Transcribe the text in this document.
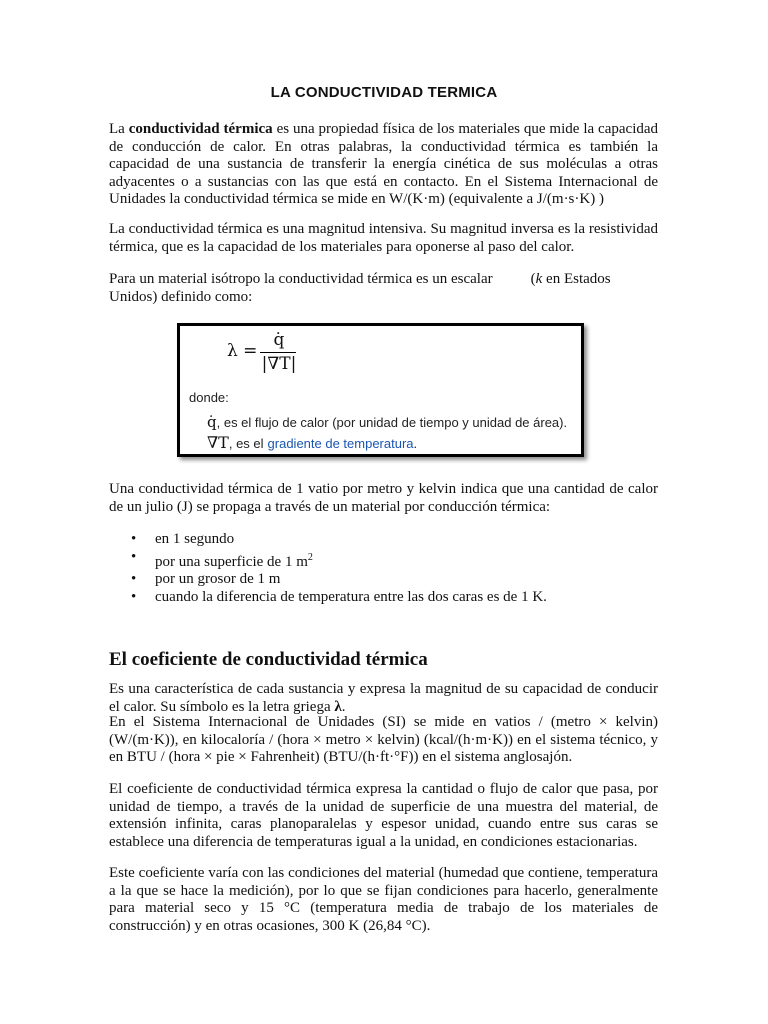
LA CONDUCTIVIDAD TERMICA

La conductividad térmica es una propiedad física de los materiales que mide la capacidad de conducción de calor. En otras palabras, la conductividad térmica es también la capacidad de una sustancia de transferir la energía cinética de sus moléculas a otras adyacentes o a sustancias con las que está en contacto. En el Sistema Internacional de Unidades la conductividad térmica se mide en W/(K·m) (equivalente a J/(m·s·K) )

La conductividad térmica es una magnitud intensiva. Su magnitud inversa es la resistividad térmica, que es la capacidad de los materiales para oponerse al paso del calor.

Para un material isótropo la conductividad térmica es un escalar	(k en Estados Unidos) definido como:

λ =
q̇
|∇T|
donde:
q̇, es el flujo de calor (por unidad de tiempo y unidad de área).
∇T, es el gradiente de temperatura.

Una conductividad térmica de 1 vatio por metro y kelvin indica que una cantidad de calor de un julio (J) se propaga a través de un material por conducción térmica:

• en 1 segundo
• por una superficie de 1 $m^2$
• por un grosor de 1 m
• cuando la diferencia de temperatura entre las dos caras es de 1 K.
El coeficiente de conductividad térmica

Es una característica de cada sustancia y expresa la magnitud de su capacidad de conducir el calor. Su símbolo es la letra griega λ.

En el Sistema Internacional de Unidades (SI) se mide en vatios / (metro × kelvin) (W/(m·K)), en kilocaloría / (hora × metro × kelvin) (kcal/(h·m·K)) en el sistema técnico, y en BTU / (hora × pie × Fahrenheit) (BTU/(h·ft·°F)) en el sistema anglosajón.

El coeficiente de conductividad térmica expresa la cantidad o flujo de calor que pasa, por unidad de tiempo, a través de la unidad de superficie de una muestra del material, de extensión infinita, caras planoparalelas y espesor unidad, cuando entre sus caras se establece una diferencia de temperaturas igual a la unidad, en condiciones estacionarias.

Este coeficiente varía con las condiciones del material (humedad que contiene, temperatura a la que se hace la medición), por lo que se fijan condiciones para hacerlo, generalmente para material seco y 15 °C (temperatura media de trabajo de los materiales de construcción) y en otras ocasiones, 300 K (26,84 °C).
